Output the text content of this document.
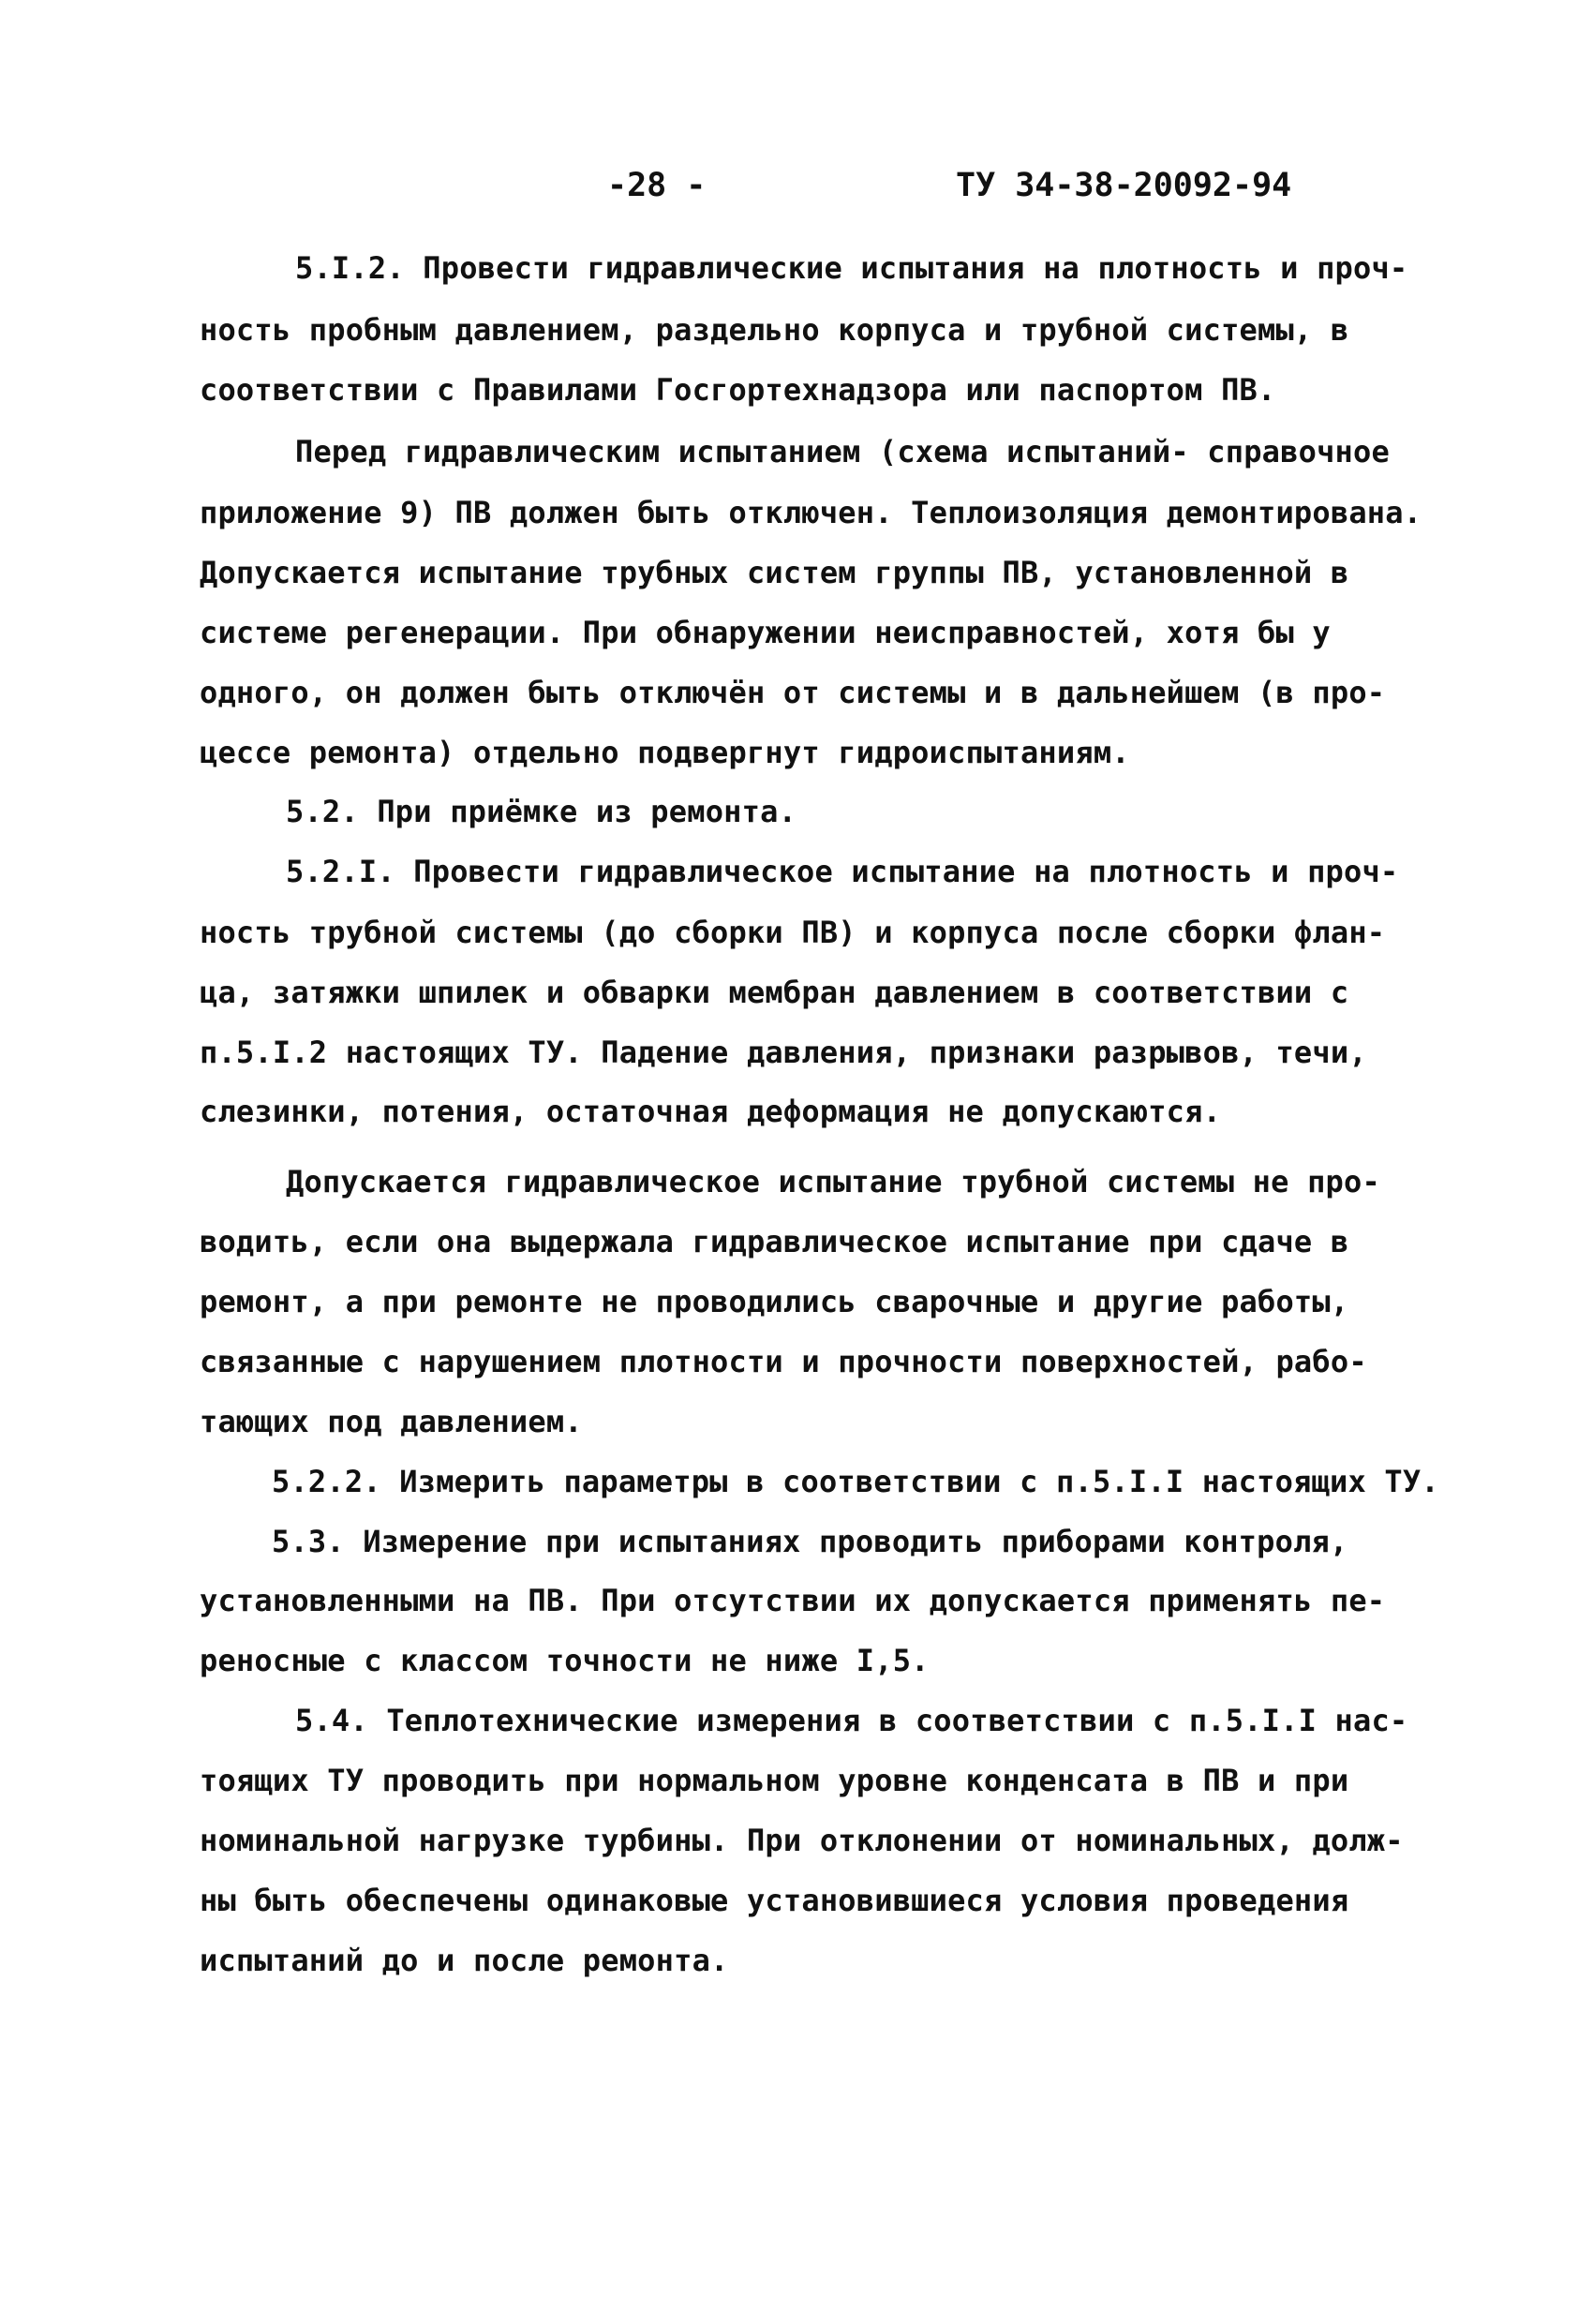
-28 -	ТУ 34-38-20092-94
5.I.2. Провести гидравлические испытания на плотность и проч-
ность пробным давлением, раздельно корпуса и трубной системы, в
соответствии с Правилами Госгортехнадзора или паспортом ПВ.
Перед гидравлическим испытанием (схема испытаний- справочное
приложение 9) ПВ должен быть отключен. Теплоизоляция демонтирована.
Допускается испытание трубных систем группы ПВ, установленной в
системе регенерации. При обнаружении неисправностей, хотя бы у
одного, он должен быть отключён от системы и в дальнейшем (в про-
цессе ремонта) отдельно подвергнут гидроиспытаниям.
5.2. При приёмке из ремонта.
5.2.I. Провести гидравлическое испытание на плотность и проч-
ность трубной системы (до сборки ПВ) и корпуса после сборки флан-
ца, затяжки шпилек и обварки мембран давлением в соответствии с
п.5.I.2 настоящих ТУ. Падение давления, признаки разрывов, течи,
слезинки, потения, остаточная деформация не допускаются.
Допускается гидравлическое испытание трубной системы не про-
водить, если она выдержала гидравлическое испытание при сдаче в
ремонт, а при ремонте не проводились сварочные и другие работы,
связанные с нарушением плотности и прочности поверхностей, рабо-
тающих под давлением.
5.2.2. Измерить параметры в соответствии с п.5.I.I настоящих ТУ.
5.3. Измерение при испытаниях проводить приборами контроля,
установленными на ПВ. При отсутствии их допускается применять пе-
реносные с классом точности не ниже I,5.
5.4. Теплотехнические измерения в соответствии с п.5.I.I нас-
тоящих ТУ проводить при нормальном уровне конденсата в ПВ и при
номинальной нагрузке турбины. При отклонении от номинальных, долж-
ны быть обеспечены одинаковые установившиеся условия проведения
испытаний до и после ремонта.
